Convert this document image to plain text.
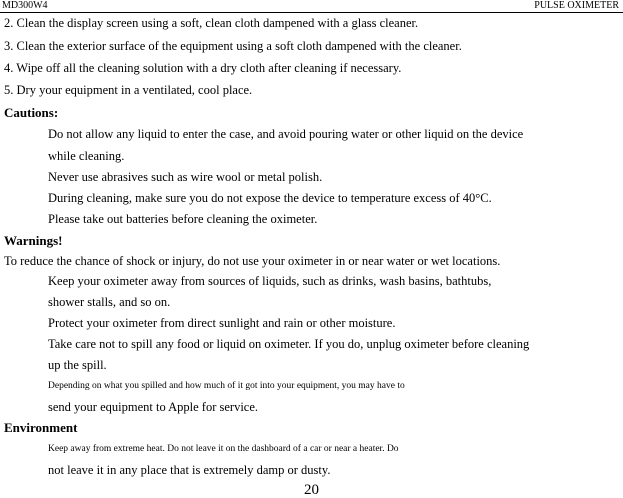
MD300W4	PULSE OXIMETER
2. Clean the display screen using a soft, clean cloth dampened with a glass cleaner.
3. Clean the exterior surface of the equipment using a soft cloth dampened with the cleaner.
4. Wipe off all the cleaning solution with a dry cloth after cleaning if necessary.
5. Dry your equipment in a ventilated, cool place.
Cautions:
Do not allow any liquid to enter the case, and avoid pouring water or other liquid on the device
while cleaning.
Never use abrasives such as wire wool or metal polish.
During cleaning, make sure you do not expose the device to temperature excess of 40°C.
Please take out batteries before cleaning the oximeter.
Warnings!
To reduce the chance of shock or injury, do not use your oximeter in or near water or wet locations.
Keep your oximeter away from sources of liquids, such as drinks, wash basins, bathtubs,
shower stalls, and so on.
Protect your oximeter from direct sunlight and rain or other moisture.
Take care not to spill any food or liquid on oximeter. If you do, unplug oximeter before cleaning
up the spill.
Depending on what you spilled and how much of it got into your equipment, you may have to
send your equipment to Apple for service.
Environment
Keep away from extreme heat. Do not leave it on the dashboard of a car or near a heater. Do
not leave it in any place that is extremely damp or dusty.
20
